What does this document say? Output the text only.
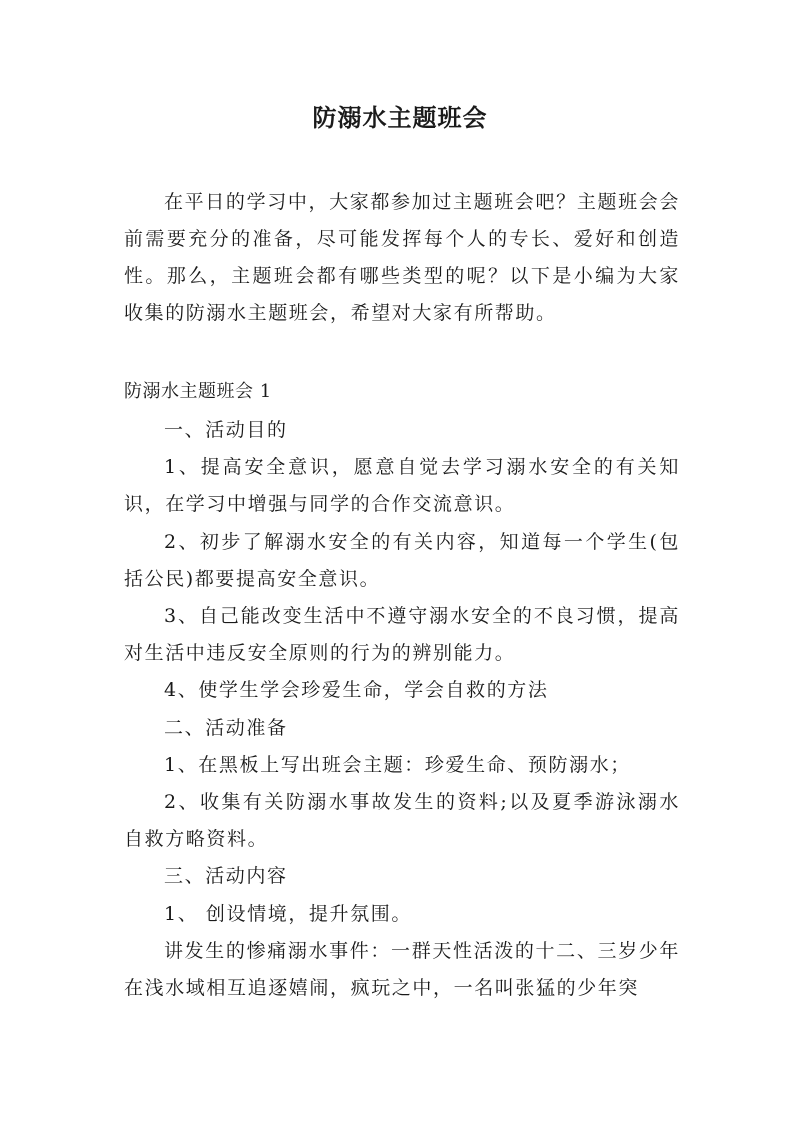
防溺水主题班会

在平日的学习中，大家都参加过主题班会吧？主题班会会前需要充分的准备，尽可能发挥每个人的专长、爱好和创造性。那么，主题班会都有哪些类型的呢？以下是小编为大家收集的防溺水主题班会，希望对大家有所帮助。

防溺水主题班会 1

一、活动目的

1、提高安全意识，愿意自觉去学习溺水安全的有关知识，在学习中增强与同学的合作交流意识。

2、初步了解溺水安全的有关内容，知道每一个学生(包括公民)都要提高安全意识。

3、自己能改变生活中不遵守溺水安全的不良习惯，提高对生活中违反安全原则的行为的辨别能力。

4、使学生学会珍爱生命，学会自救的方法

二、活动准备

1、在黑板上写出班会主题：珍爱生命、预防溺水；

2、收集有关防溺水事故发生的资料;以及夏季游泳溺水自救方略资料。

三、活动内容

1、 创设情境，提升氛围。

讲发生的惨痛溺水事件：一群天性活泼的十二、三岁少年在浅水域相互追逐嬉闹，疯玩之中，一名叫张猛的少年突
